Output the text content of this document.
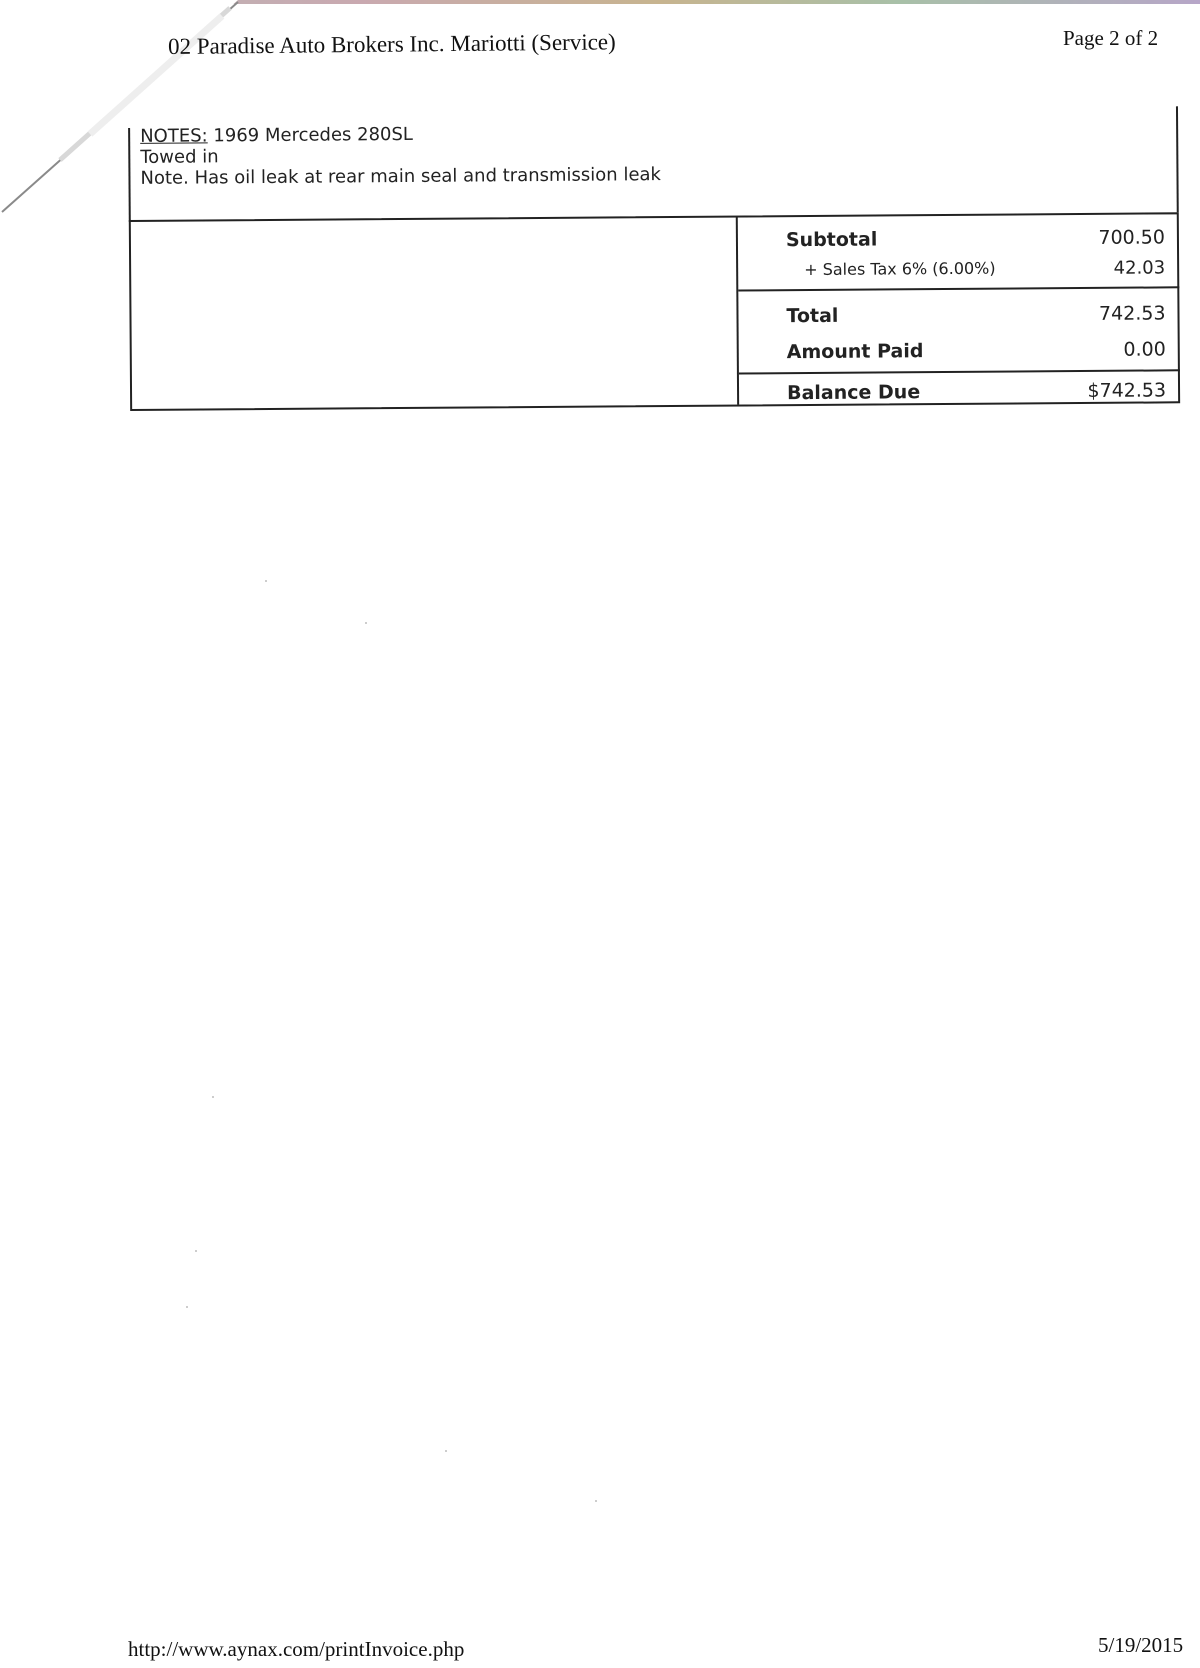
02 Paradise Auto Brokers Inc. Mariotti (Service)	Page 2 of 2
NOTES: 1969 Mercedes 280SL
Towed in
Note. Has oil leak at rear main seal and transmission leak
Subtotal	700.50
+ Sales Tax 6% (6.00%)	42.03
Total	742.53
Amount Paid	0.00
Balance Due	$742.53
http://www.aynax.com/printInvoice.php	5/19/2015
